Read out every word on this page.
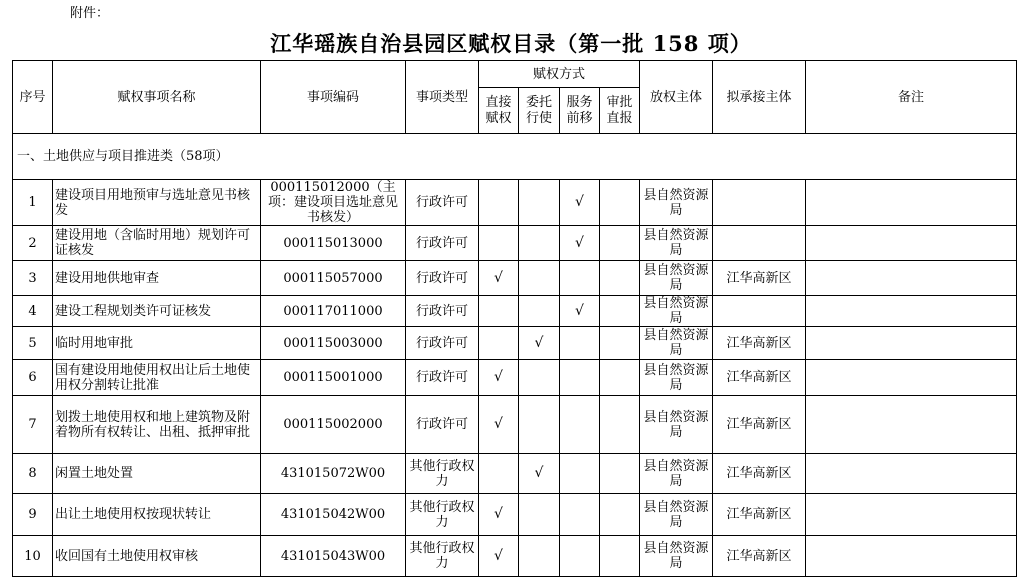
附件：
江华瑶族自治县园区赋权目录（第一批 158 项）
序号	赋权事项名称	事项编码	事项类型	赋权方式				放权主体	拟承接主体	备注
				直接赋权	委托行使	服务前移	审批直报			
一、土地供应与项目推进类（58项）										
1	建设项目用地预审与选址意见书核发	000115012000（主项：建设项目选址意见书核发）	行政许可			√		县自然资源局		
2	建设用地（含临时用地）规划许可证核发	000115013000	行政许可			√		县自然资源局		
3	建设用地供地审查	000115057000	行政许可	√				县自然资源局	江华高新区	
4	建设工程规划类许可证核发	000117011000	行政许可			√		县自然资源局		
5	临时用地审批	000115003000	行政许可		√			县自然资源局	江华高新区	
6	国有建设用地使用权出让后土地使用权分割转让批准	000115001000	行政许可	√				县自然资源局	江华高新区	
7	划拨土地使用权和地上建筑物及附着物所有权转让、出租、抵押审批	000115002000	行政许可	√				县自然资源局	江华高新区	
8	闲置土地处置	431015072W00	其他行政权力		√			县自然资源局	江华高新区	
9	出让土地使用权按现状转让	431015042W00	其他行政权力	√				县自然资源局	江华高新区	
10	收回国有土地使用权审核	431015043W00	其他行政权力	√				县自然资源局	江华高新区	
